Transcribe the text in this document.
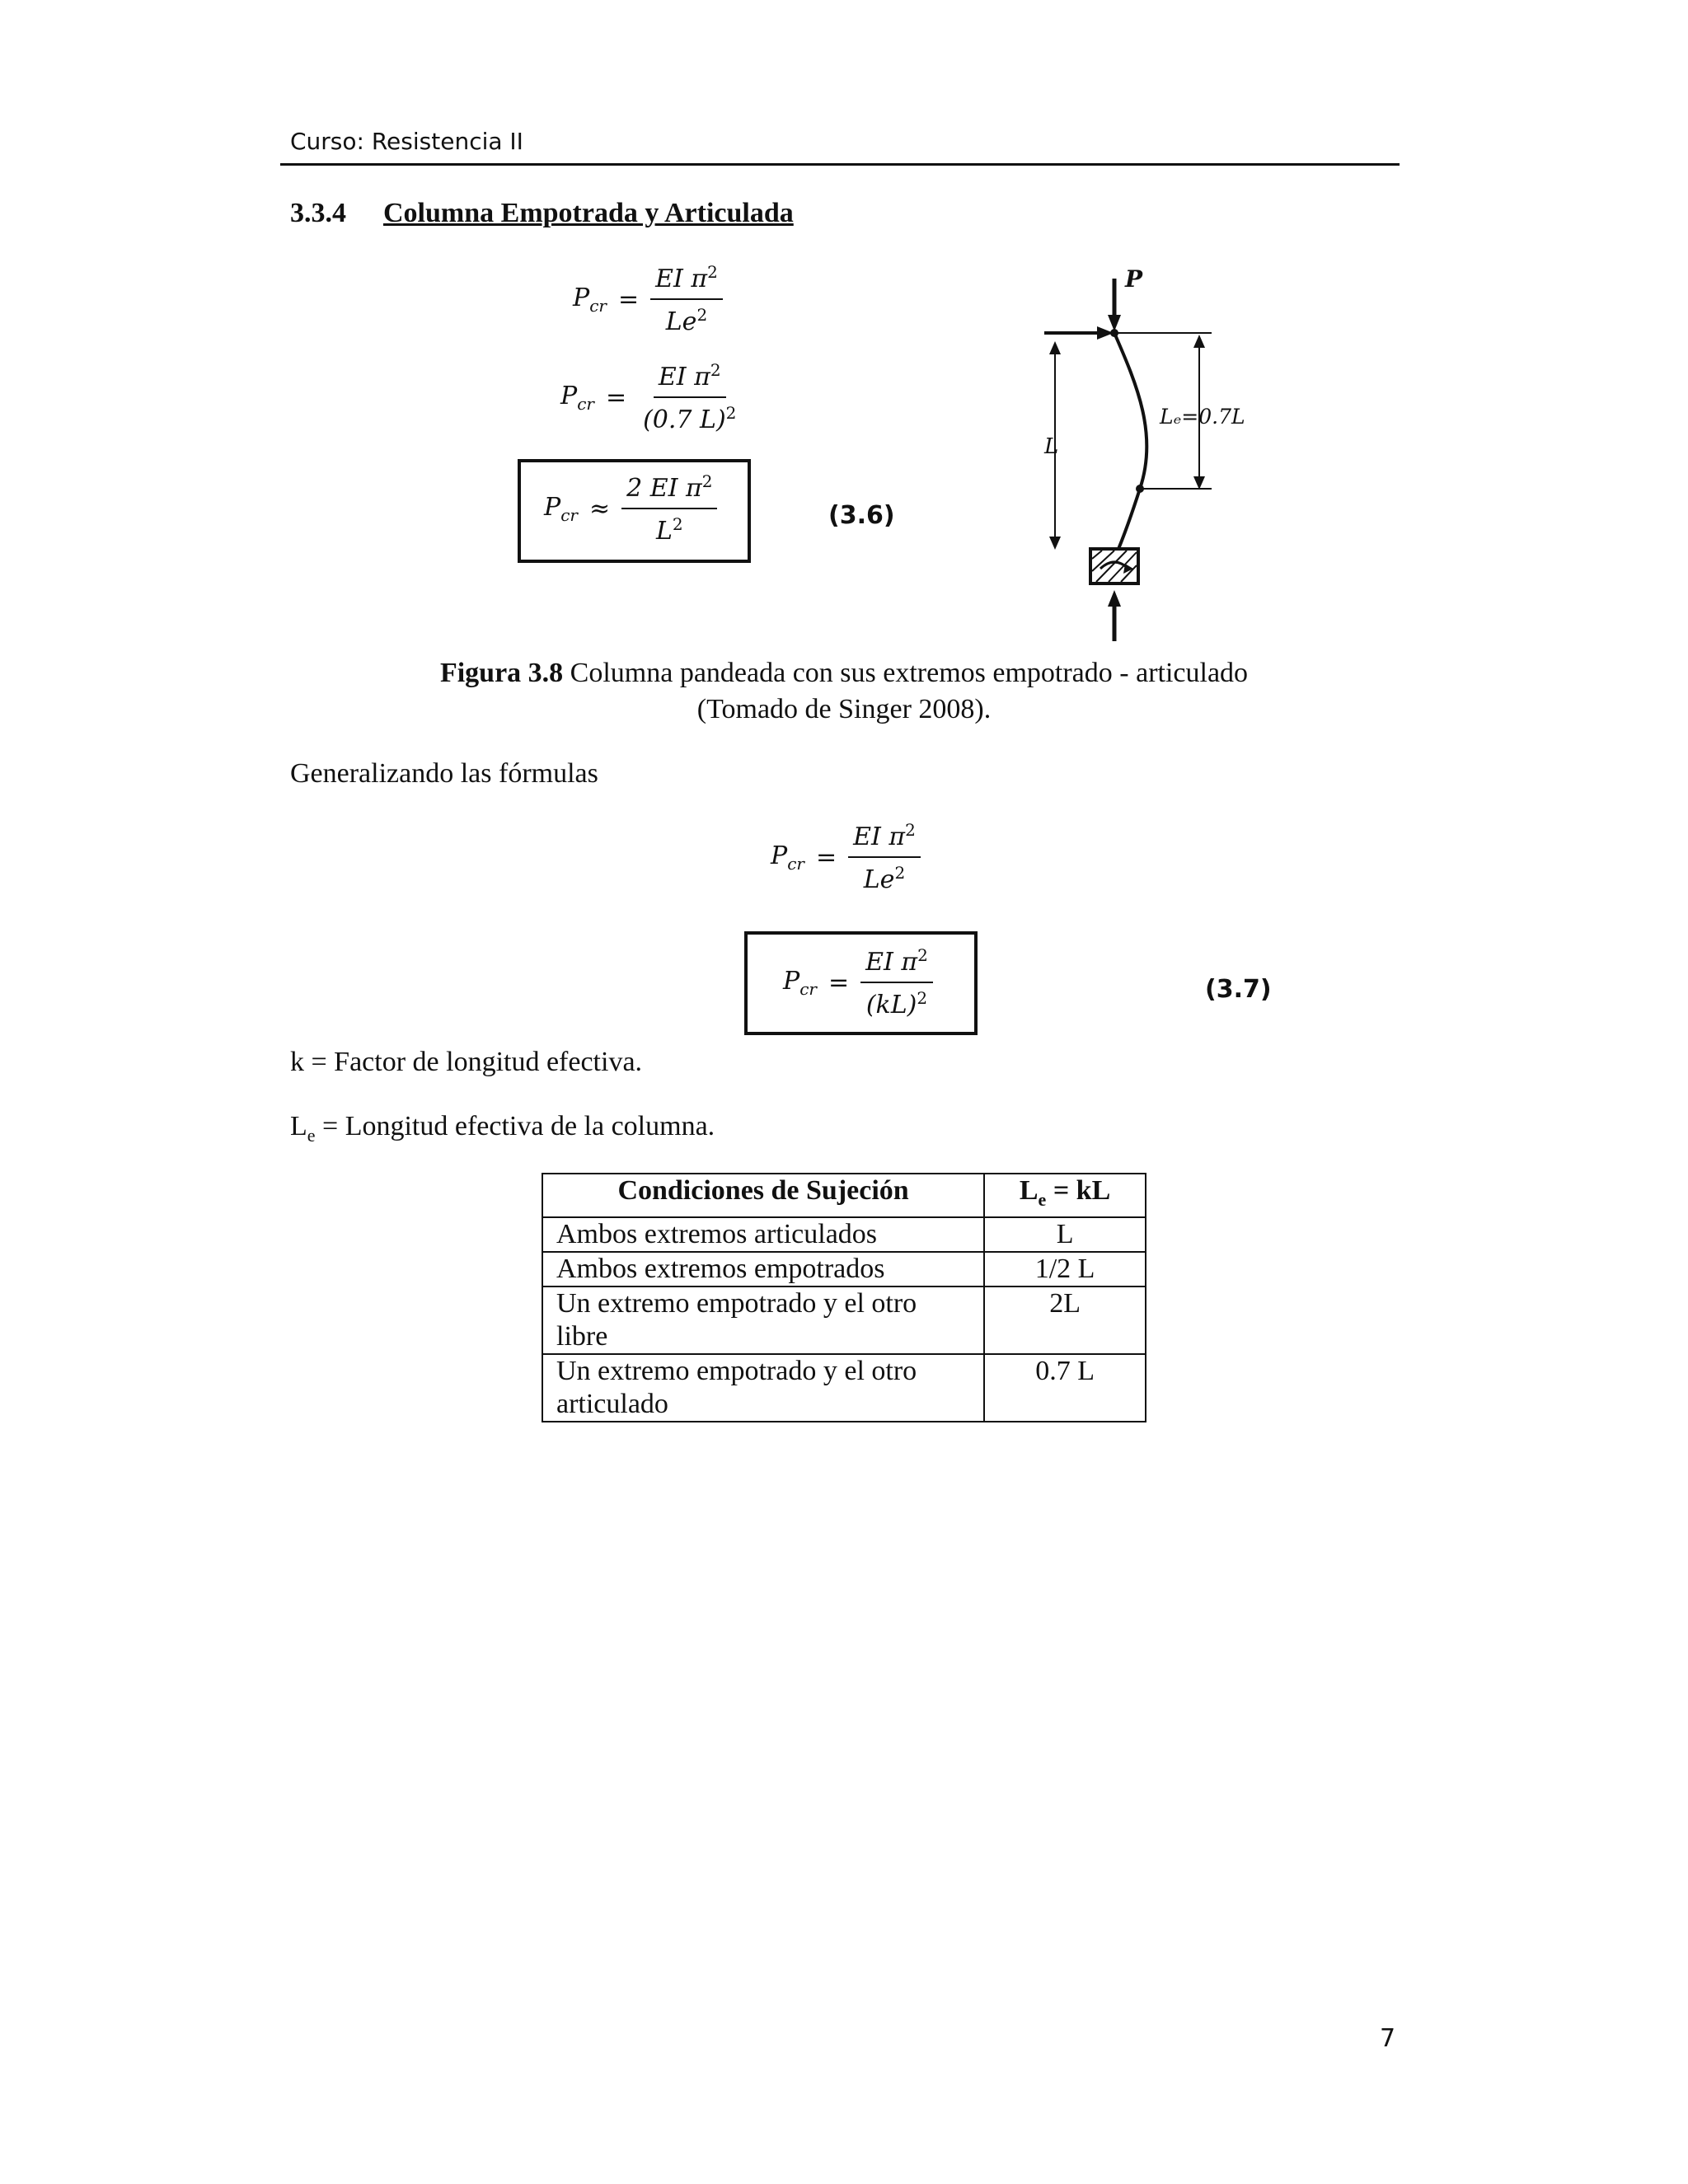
Curso: Resistencia II
3.3.4 Columna Empotrada y Articulada
$P_{cr} = \frac{EI \pi^2}{Le^2}$
$P_{cr} = \frac{EI \pi^2}{(0.7 L)^2}$
$P_{cr} \approx \frac{2 EI \pi^2}{L^2}$	(3.6)
P
L
Lₑ=0.7L
Figura 3.8 Columna pandeada con sus extremos empotrado - articulado
(Tomado de Singer 2008).
Generalizando las fórmulas
$P_{cr} = \frac{EI \pi^2}{Le^2}$
$P_{cr} = \frac{EI \pi^2}{(kL)^2}$	(3.7)
k = Factor de longitud efectiva.
$L_e$ = Longitud efectiva de la columna.
Condiciones de Sujeción	$L_e$ = kL
Ambos extremos articulados	L
Ambos extremos empotrados	1/2 L
Un extremo empotrado y el otro libre	2L
Un extremo empotrado y el otro articulado	0.7 L
7
